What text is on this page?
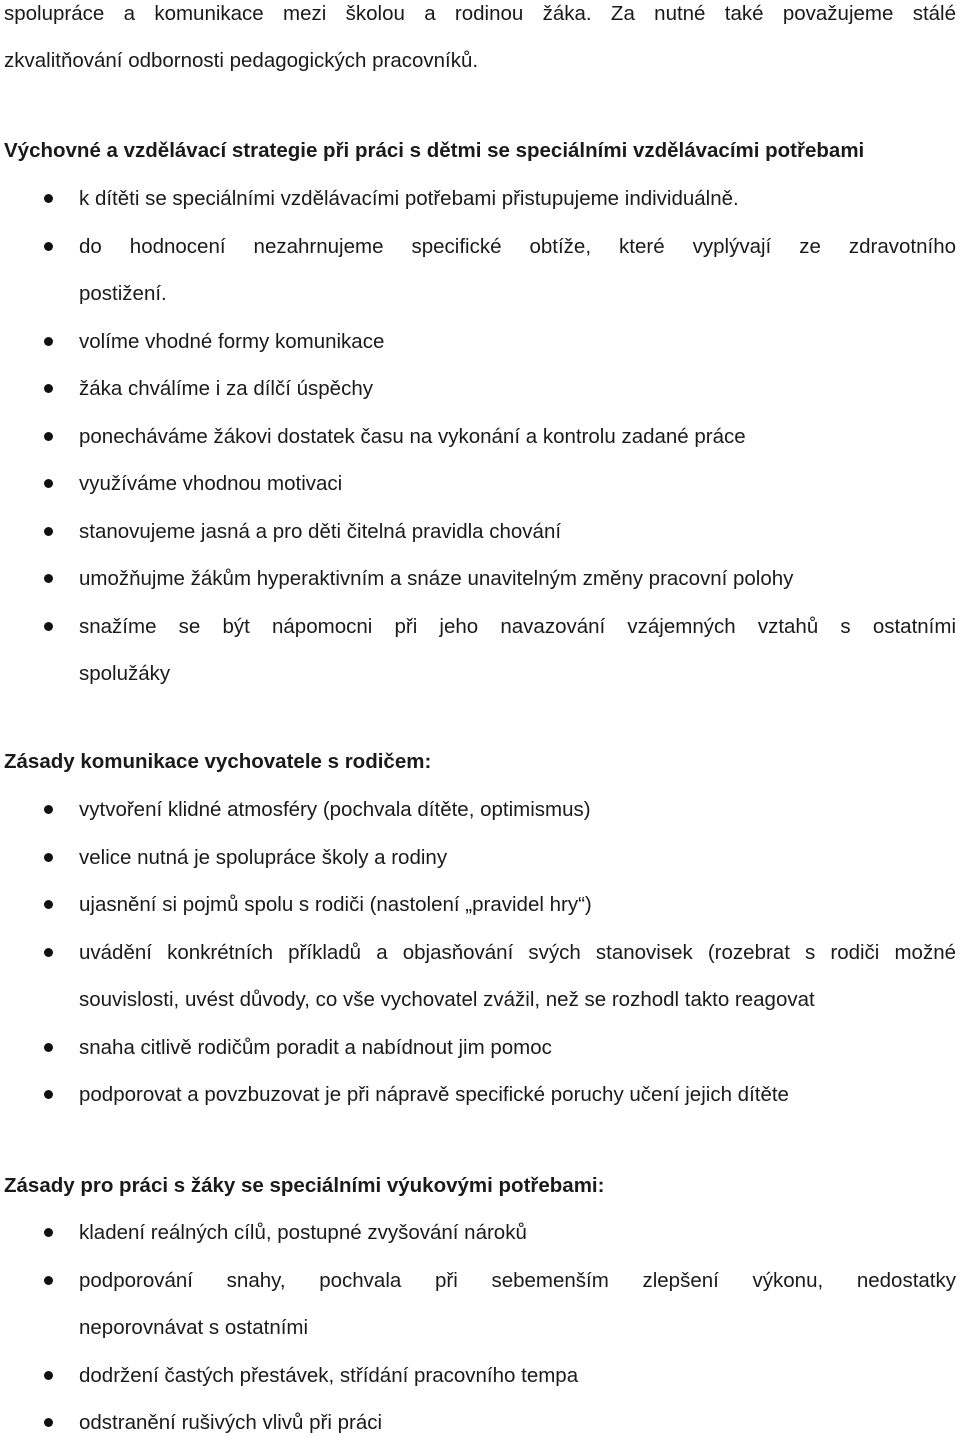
spolupráce a komunikace mezi školou a rodinou žáka. Za nutné také považujeme stálé
zkvalitňování odbornosti pedagogických pracovníků.
Výchovné a vzdělávací strategie při práci s dětmi se speciálními vzdělávacími potřebami
k dítěti se speciálními vzdělávacími potřebami přistupujeme individuálně.
do hodnocení nezahrnujeme specifické obtíže, které vyplývají ze zdravotního
postižení.
volíme vhodné formy komunikace
žáka chválíme i za dílčí úspěchy
ponecháváme žákovi dostatek času na vykonání a kontrolu zadané práce
využíváme vhodnou motivaci
stanovujeme jasná a pro děti čitelná pravidla chování
umožňujme žákům hyperaktivním a snáze unavitelným změny pracovní polohy
snažíme se být nápomocni při jeho navazování vzájemných vztahů s ostatními
spolužáky
Zásady komunikace vychovatele s rodičem:
vytvoření klidné atmosféry (pochvala dítěte, optimismus)
velice nutná je spolupráce školy a rodiny
ujasnění si pojmů spolu s rodiči (nastolení „pravidel hry“)
uvádění konkrétních příkladů a objasňování svých stanovisek (rozebrat s rodiči možné
souvislosti, uvést důvody, co vše vychovatel zvážil, než se rozhodl takto reagovat
snaha citlivě rodičům poradit a nabídnout jim pomoc
podporovat a povzbuzovat je při nápravě specifické poruchy učení jejich dítěte
Zásady pro práci s žáky se speciálními výukovými potřebami:
kladení reálných cílů, postupné zvyšování nároků
podporování snahy, pochvala při sebemenším zlepšení výkonu, nedostatky
neporovnávat s ostatními
dodržení častých přestávek, střídání pracovního tempa
odstranění rušivých vlivů při práci
